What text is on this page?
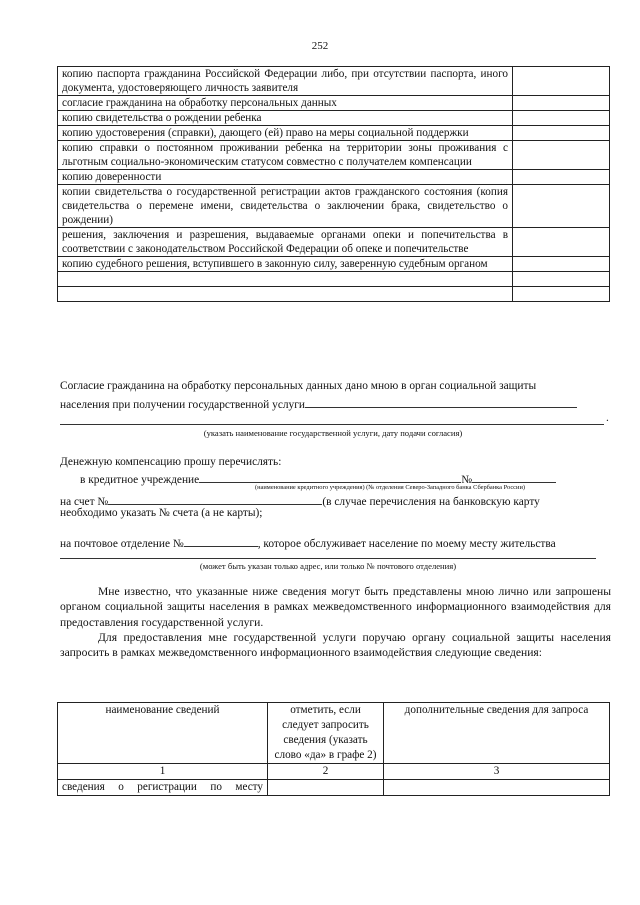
252
копию паспорта гражданина Российской Федерации либо, при отсутствии паспорта, иного документа, удостоверяющего личность заявителя	
согласие гражданина на обработку персональных данных	
копию свидетельства о рождении ребенка	
копию удостоверения (справки), дающего (ей) право на меры социальной поддержки	
копию справки о постоянном проживании ребенка на территории зоны проживания с льготным социально-экономическим статусом совместно с получателем компенсации	
копию доверенности	
копии свидетельства о государственной регистрации актов гражданского состояния (копия свидетельства о перемене имени, свидетельства о заключении брака, свидетельство о рождении)	
решения, заключения и разрешения, выдаваемые органами опеки и попечительства в соответствии с законодательством Российской Федерации об опеке и попечительстве	
копию судебного решения, вступившего в законную силу, заверенную судебным органом	

Согласие гражданина на обработку персональных данных дано мною в орган социальной защиты
населения при получении государственной услуги
.
(указать наименование государственной услуги, дату подачи согласия)
Денежную компенсацию прошу перечислять:
в кредитное учреждение	№
(наименование кредитного учреждения) (№ отделения Северо-Западного банка Сбербанка России)
на счет №	(в случае перечисления на банковскую карту
необходимо указать № счета (а не карты);
на почтовое отделение №	, которое обслуживает население по моему месту жительства
(может быть указан только адрес, или только № почтового отделения)

Мне известно, что указанные ниже сведения могут быть представлены мною лично или запрошены органом социальной защиты населения в рамках межведомственного информационного взаимодействия для предоставления государственной услуги.

Для предоставления мне государственной услуги поручаю органу социальной защиты населения запросить в рамках межведомственного информационного взаимодействия следующие сведения:

наименование сведений	отметить, если следует запросить сведения (указать слово «да» в графе 2)	дополнительные сведения для запроса
1	2	3
сведения о регистрации по месту		
